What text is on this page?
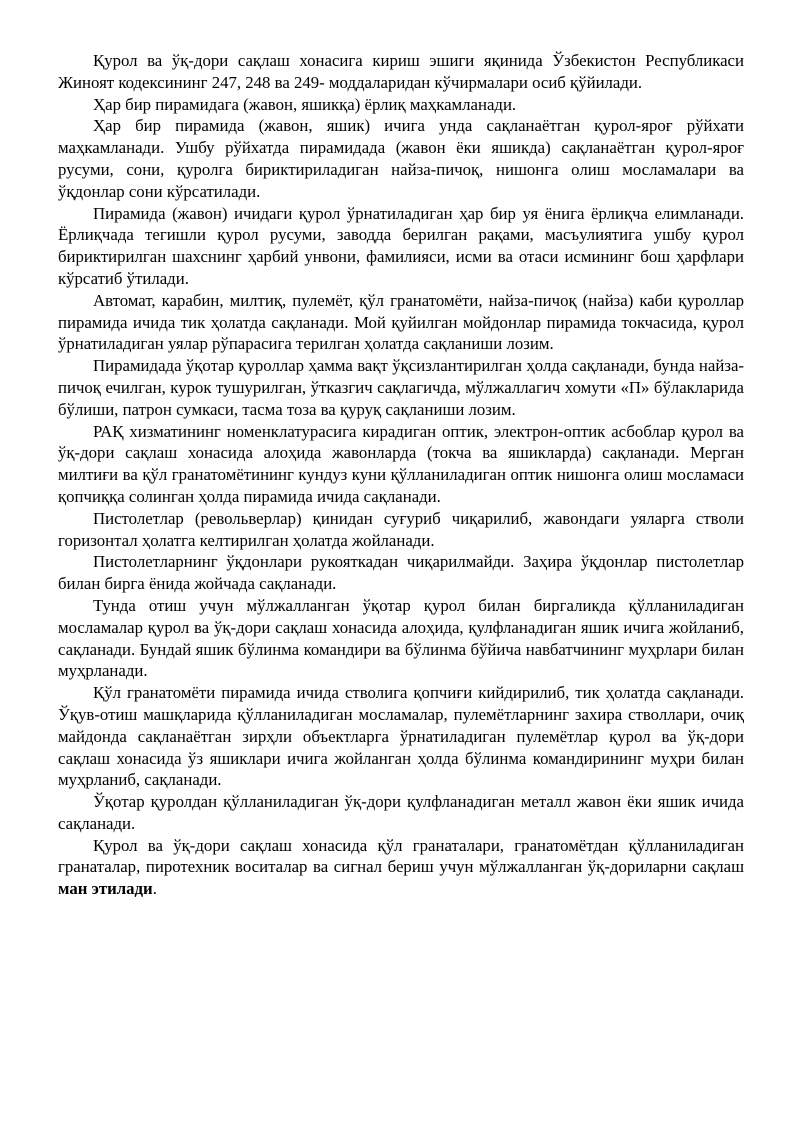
Қурол ва ўқ-дори сақлаш хонасига кириш эшиги яқинида Ўзбекистон Республикаси Жиноят кодексининг 247, 248 ва 249- моддаларидан кўчирмалари осиб қўйилади.

Ҳар бир пирамидага (жавон, яшикқа) ёрлиқ маҳкамланади.

Ҳар бир пирамида (жавон, яшик) ичига унда сақланаётган қурол-яроғ рўйхати маҳкамланади. Ушбу рўйхатда пирамидада (жавон ёки яшикда) сақланаётган қурол-яроғ русуми, сони, қуролга бириктириладиган найза-пичоқ, нишонга олиш мосламалари ва ўқдонлар сони кўрсатилади.

Пирамида (жавон) ичидаги қурол ўрнатиладиган ҳар бир уя ёнига ёрлиқча елимланади. Ёрлиқчада тегишли қурол русуми, заводда берилган рақами, масъулиятига ушбу қурол бириктирилган шахснинг ҳарбий унвони, фамилияси, исми ва отаси исмининг бош ҳарфлари кўрсатиб ўтилади.

Автомат, карабин, милтиқ, пулемёт, қўл гранатомёти, найза-пичоқ (найза) каби қуроллар пирамида ичида тик ҳолатда сақланади. Мой қуйилган мойдонлар пирамида токчасида, қурол ўрнатиладиган уялар рўпарасига терилган ҳолатда сақланиши лозим.

Пирамидада ўқотар қуроллар ҳамма вақт ўқсизлантирилган ҳолда сақланади, бунда найза-пичоқ ечилган, курок тушурилган, ўтказгич сақлагичда, мўлжаллагич хомути «П» бўлакларида бўлиши, патрон сумкаси, тасма тоза ва қуруқ сақланиши лозим.

РАҚ хизматининг номенклатурасига кирадиган оптик, электрон-оптик асбоблар қурол ва ўқ-дори сақлаш хонасида алоҳида жавонларда (токча ва яшикларда) сақланади. Мерган милтиғи ва қўл гранатомётининг кундуз куни қўлланиладиган оптик нишонга олиш мосламаси қопчиққа солинган ҳолда пирамида ичида сақланади.

Пистолетлар (револьверлар) қинидан суғуриб чиқарилиб, жавондаги уяларга стволи горизонтал ҳолатга келтирилган ҳолатда жойланади.

Пистолетларнинг ўқдонлари рукояткадан чиқарилмайди. Заҳира ўқдонлар пистолетлар билан бирга ёнида жойчада сақланади.

Тунда отиш учун мўлжалланган ўқотар қурол билан биргаликда қўлланиладиган мосламалар қурол ва ўқ-дори сақлаш хонасида алоҳида, қулфланадиган яшик ичига жойланиб, сақланади. Бундай яшик бўлинма командири ва бўлинма бўйича навбатчининг муҳрлари билан муҳрланади.

Қўл гранатомёти пирамида ичида стволига қопчиғи кийдирилиб, тик ҳолатда сақланади. Ўқув-отиш машқларида қўлланиладиган мосламалар, пулемётларнинг захира стволлари, очиқ майдонда сақланаётган зирҳли объектларга ўрнатиладиган пулемётлар қурол ва ўқ-дори сақлаш хонасида ўз яшиклари ичига жойланган ҳолда бўлинма командирининг муҳри билан муҳрланиб, сақланади.

Ўқотар қуролдан қўлланиладиган ўқ-дори қулфланадиган металл жавон ёки яшик ичида сақланади.

Қурол ва ўқ-дори сақлаш хонасида қўл гранаталари, гранатомётдан қўлланиладиган гранаталар, пиротехник воситалар ва сигнал бериш учун мўлжалланган ўқ-дориларни сақлаш ман этилади.
